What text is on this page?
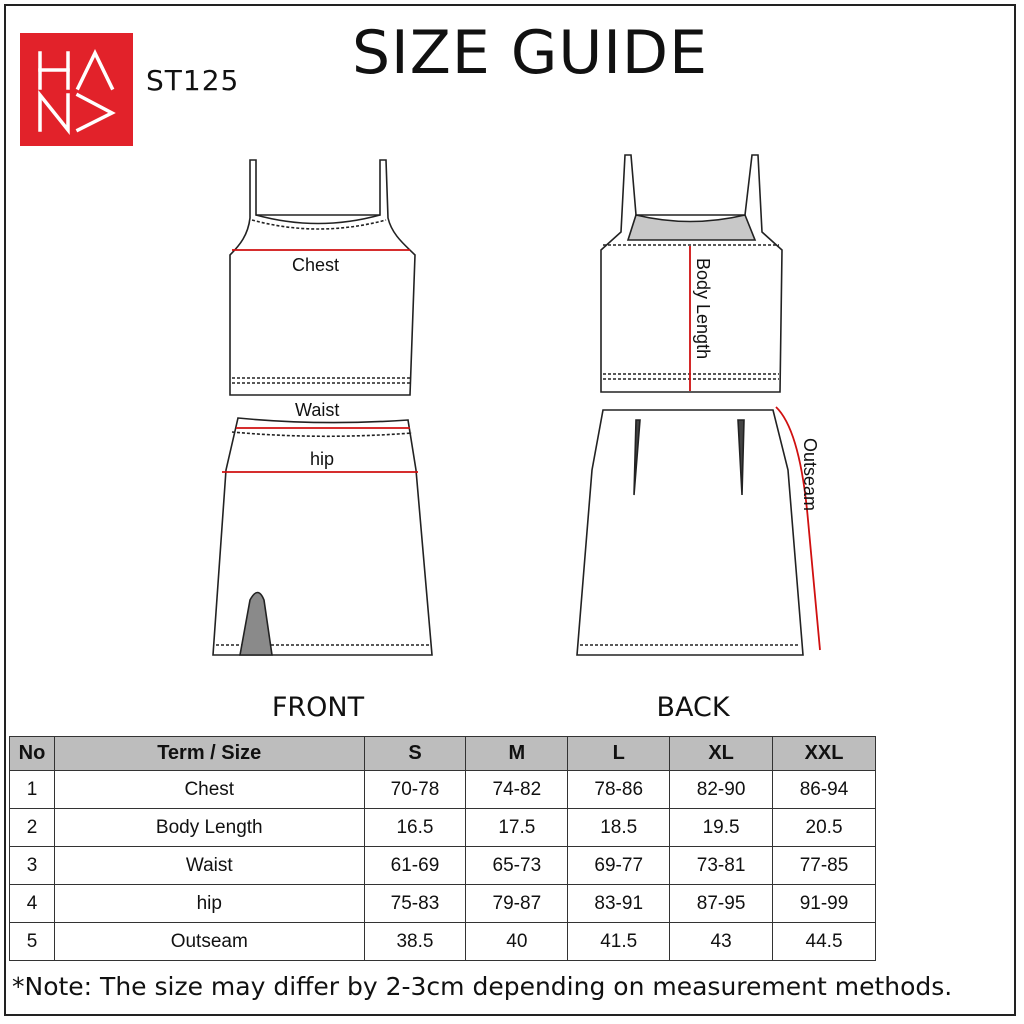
ST125	SIZE GUIDE
Chest
Waist
hip
Body Length
Outseam
FRONT	BACK
No	Term / Size	S	M	L	XL	XXL
1	Chest	70-78	74-82	78-86	82-90	86-94
2	Body Length	16.5	17.5	18.5	19.5	20.5
3	Waist	61-69	65-73	69-77	73-81	77-85
4	hip	75-83	79-87	83-91	87-95	91-99
5	Outseam	38.5	40	41.5	43	44.5
*Note: The size may differ by 2-3cm depending on measurement methods.
